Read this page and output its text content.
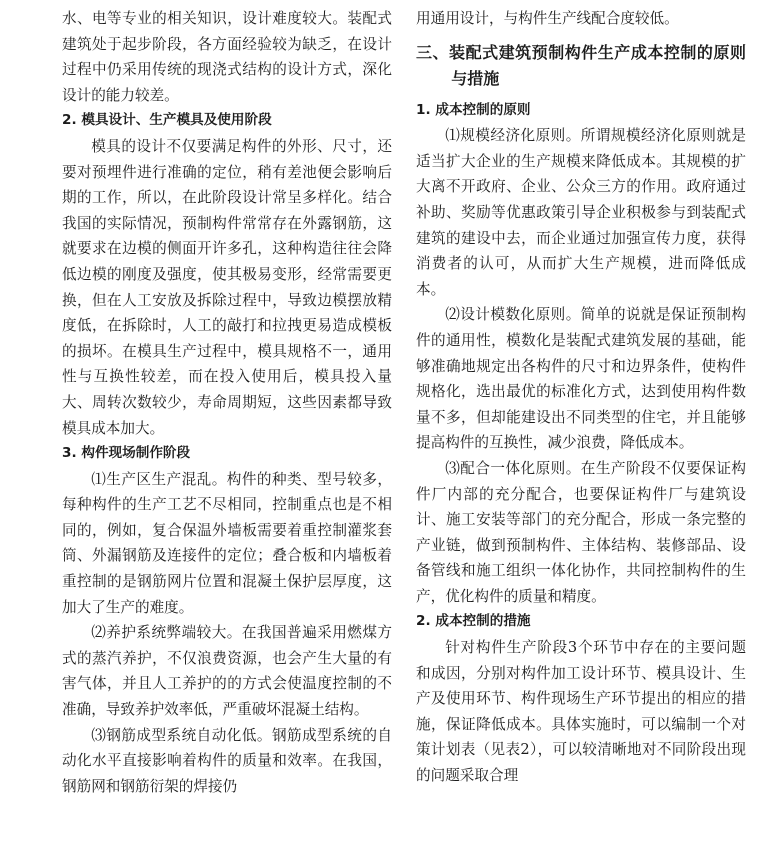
水、电等专业的相关知识，设计难度较大。装配式建筑处于起步阶段，各方面经验较为缺乏，在设计过程中仍采用传统的现浇式结构的设计方式，深化设计的能力较差。

2. 模具设计、生产模具及使用阶段

模具的设计不仅要满足构件的外形、尺寸，还要对预埋件进行准确的定位，稍有差池便会影响后期的工作，所以，在此阶段设计常呈多样化。结合我国的实际情况，预制构件常常存在外露钢筋，这就要求在边模的侧面开许多孔，这种构造往往会降低边模的刚度及强度，使其极易变形，经常需要更换，但在人工安放及拆除过程中，导致边模摆放精度低，在拆除时，人工的敲打和拉拽更易造成模板的损坏。在模具生产过程中，模具规格不一，通用性与互换性较差，而在投入使用后，模具投入量大、周转次数较少，寿命周期短，这些因素都导致模具成本加大。

3. 构件现场制作阶段

⑴生产区生产混乱。构件的种类、型号较多，每种构件的生产工艺不尽相同，控制重点也是不相同的，例如，复合保温外墙板需要着重控制灌浆套筒、外漏钢筋及连接件的定位；叠合板和内墙板着重控制的是钢筋网片位置和混凝土保护层厚度，这加大了生产的难度。

⑵养护系统弊端较大。在我国普遍采用燃煤方式的蒸汽养护，不仅浪费资源，也会产生大量的有害气体，并且人工养护的的方式会使温度控制的不准确，导致养护效率低，严重破坏混凝土结构。

⑶钢筋成型系统自动化低。钢筋成型系统的自动化水平直接影响着构件的质量和效率。在我国，钢筋网和钢筋衍架的焊接仍

用通用设计，与构件生产线配合度较低。

三、装配式建筑预制构件生产成本控制的原则与措施
1. 成本控制的原则

⑴规模经济化原则。所谓规模经济化原则就是适当扩大企业的生产规模来降低成本。其规模的扩大离不开政府、企业、公众三方的作用。政府通过补助、奖励等优惠政策引导企业积极参与到装配式建筑的建设中去，而企业通过加强宣传力度，获得消费者的认可，从而扩大生产规模，进而降低成本。

⑵设计模数化原则。简单的说就是保证预制构件的通用性，模数化是装配式建筑发展的基础，能够准确地规定出各构件的尺寸和边界条件，使构件规格化，选出最优的标准化方式，达到使用构件数量不多，但却能建设出不同类型的住宅，并且能够提高构件的互换性，减少浪费，降低成本。

⑶配合一体化原则。在生产阶段不仅要保证构件厂内部的充分配合，也要保证构件厂与建筑设计、施工安装等部门的充分配合，形成一条完整的产业链，做到预制构件、主体结构、装修部品、设备管线和施工组织一体化协作，共同控制构件的生产，优化构件的质量和精度。

2. 成本控制的措施

针对构件生产阶段3个环节中存在的主要问题和成因，分别对构件加工设计环节、模具设计、生产及使用环节、构件现场生产环节提出的相应的措施，保证降低成本。具体实施时，可以编制一个对策计划表（见表2），可以较清晰地对不同阶段出现的问题采取合理
